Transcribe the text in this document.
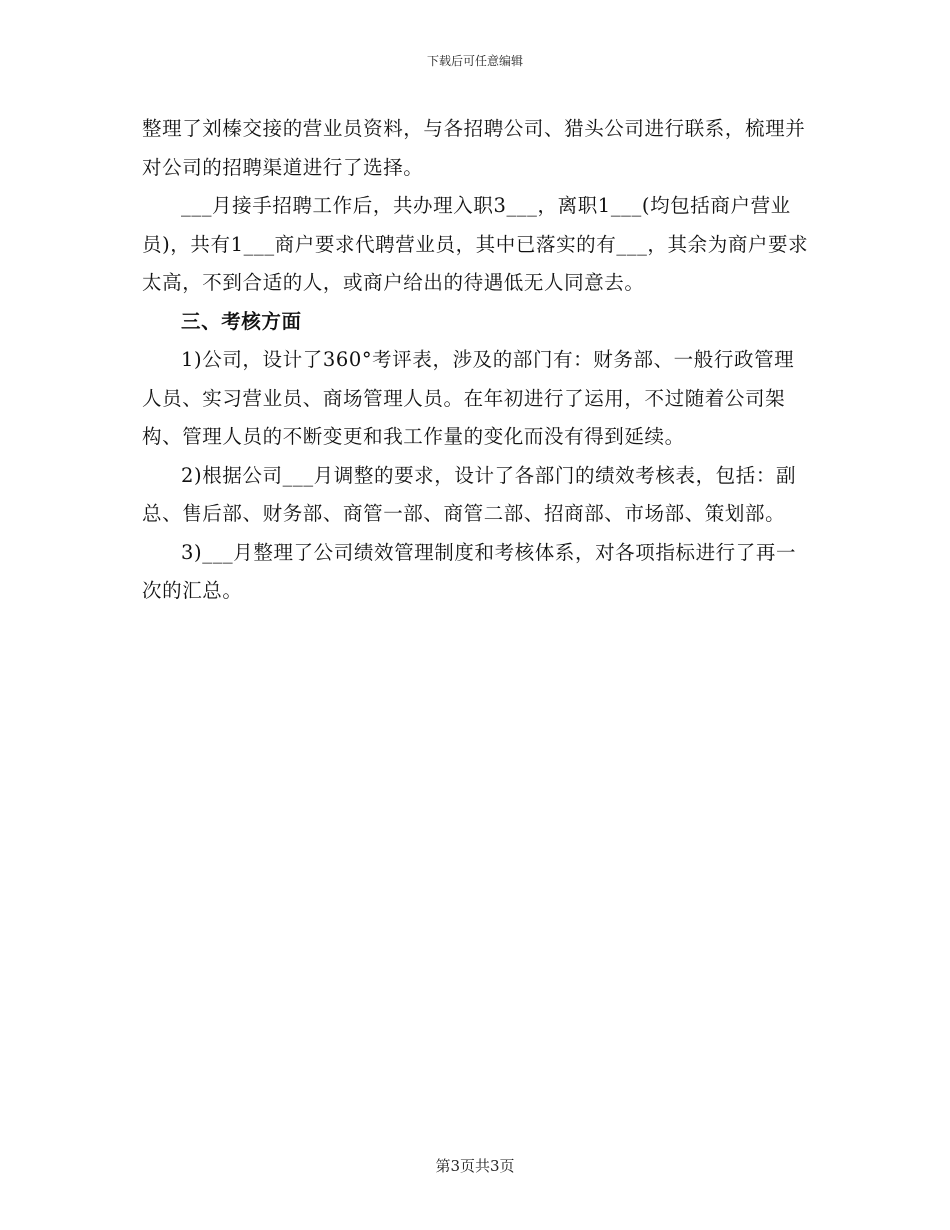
下载后可任意编辑

整理了刘榛交接的营业员资料，与各招聘公司、猎头公司进行联系，梳理并对公司的招聘渠道进行了选择。

___月接手招聘工作后，共办理入职3___，离职1___(均包括商户营业员)，共有1___商户要求代聘营业员，其中已落实的有___，其余为商户要求太高，不到合适的人，或商户给出的待遇低无人同意去。

三、考核方面

1)公司，设计了360°考评表，涉及的部门有：财务部、一般行政管理人员、实习营业员、商场管理人员。在年初进行了运用，不过随着公司架构、管理人员的不断变更和我工作量的变化而没有得到延续。

2)根据公司___月调整的要求，设计了各部门的绩效考核表，包括：副总、售后部、财务部、商管一部、商管二部、招商部、市场部、策划部。

3)___月整理了公司绩效管理制度和考核体系，对各项指标进行了再一次的汇总。

第3页共3页
